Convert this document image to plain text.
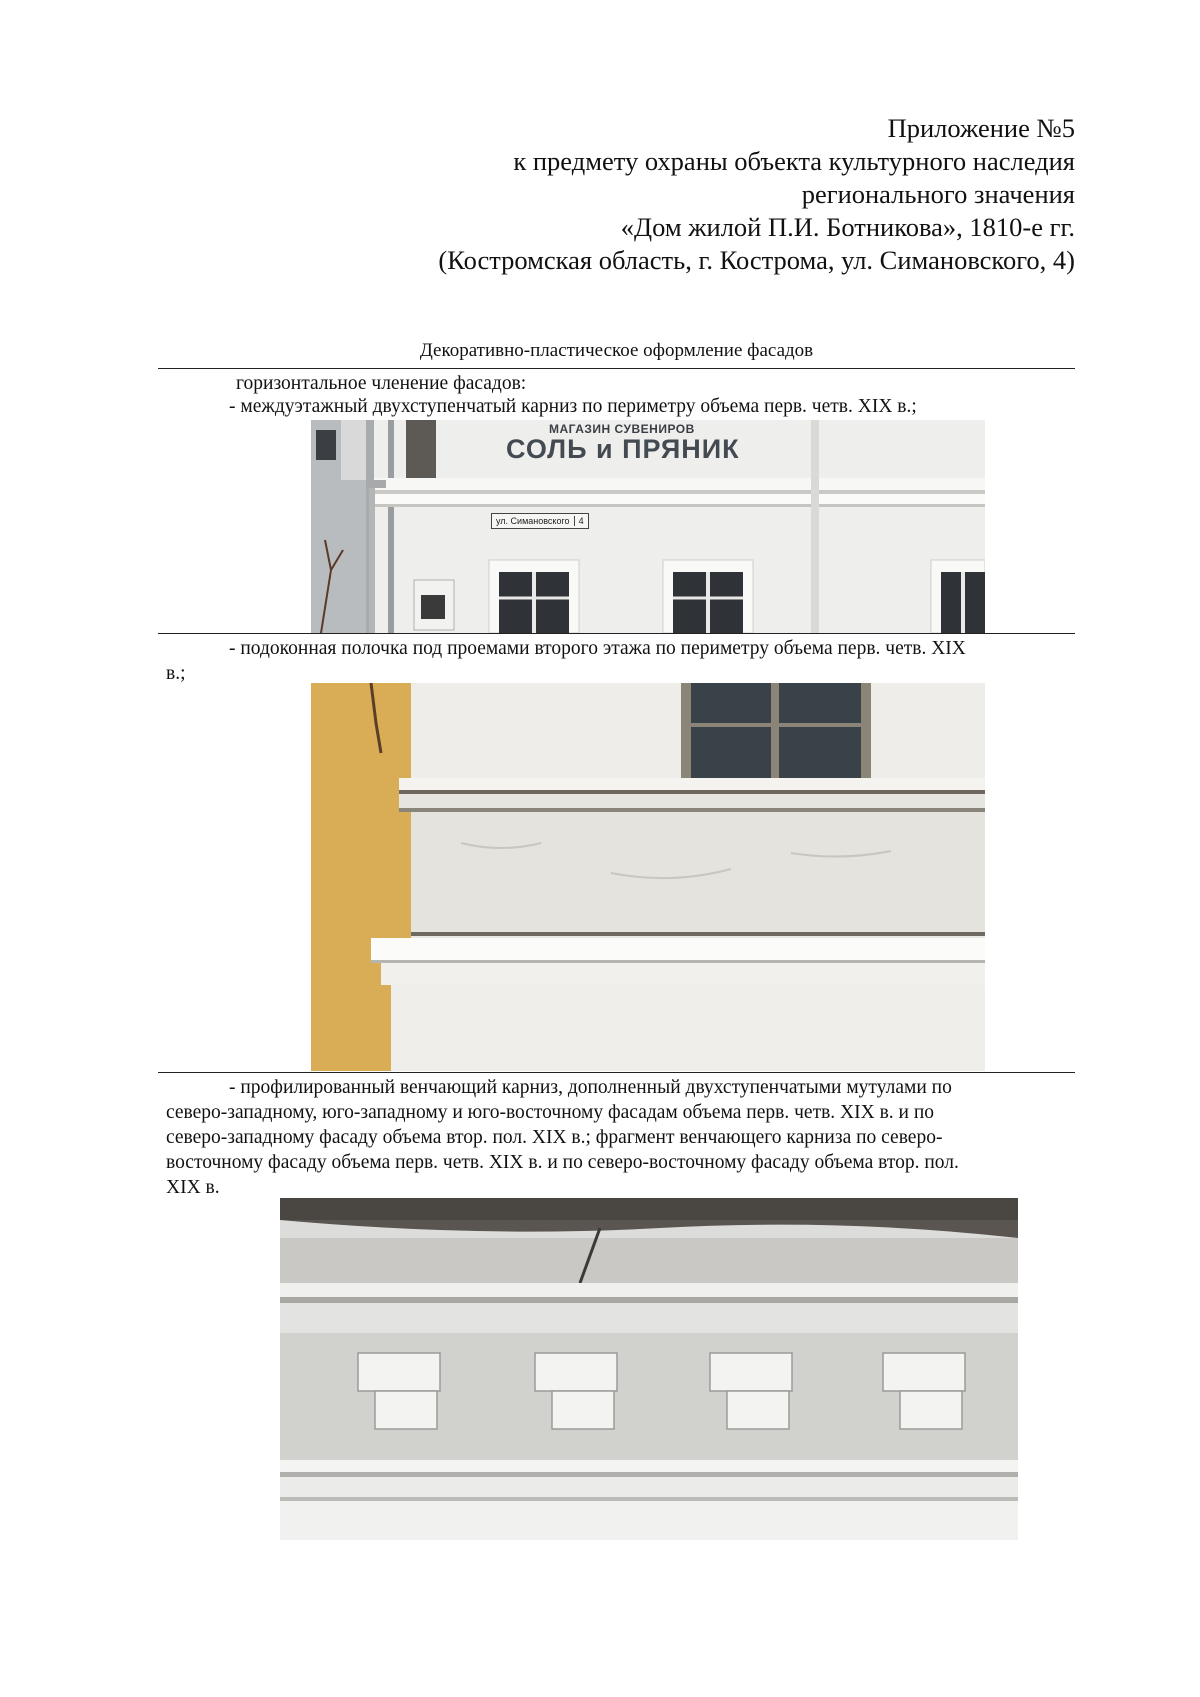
Приложение №5
к предмету охраны объекта культурного наследия
регионального значения
«Дом жилой П.И. Ботникова», 1810-е гг.
(Костромская область, г. Кострома, ул. Симановского, 4)
Декоративно-пластическое оформление фасадов
горизонтальное членение фасадов:
- междуэтажный двухступенчатый карниз по периметру объема перв. четв. XIX в.;
МАГАЗИН СУВЕНИРОВ
СОЛЬ и ПРЯНИК
ул. Симановского	4
- подоконная полочка под проемами второго этажа по периметру объема перв. четв. XIX
в.;
- профилированный венчающий карниз, дополненный двухступенчатыми мутулами по
северо-западному, юго-западному и юго-восточному фасадам объема перв. четв. XIX в. и по
северо-западному фасаду объема втор. пол. XIX в.; фрагмент венчающего карниза по северо-
восточному фасаду объема перв. четв. XIX в. и по северо-восточному фасаду объема втор. пол.
XIX в.
